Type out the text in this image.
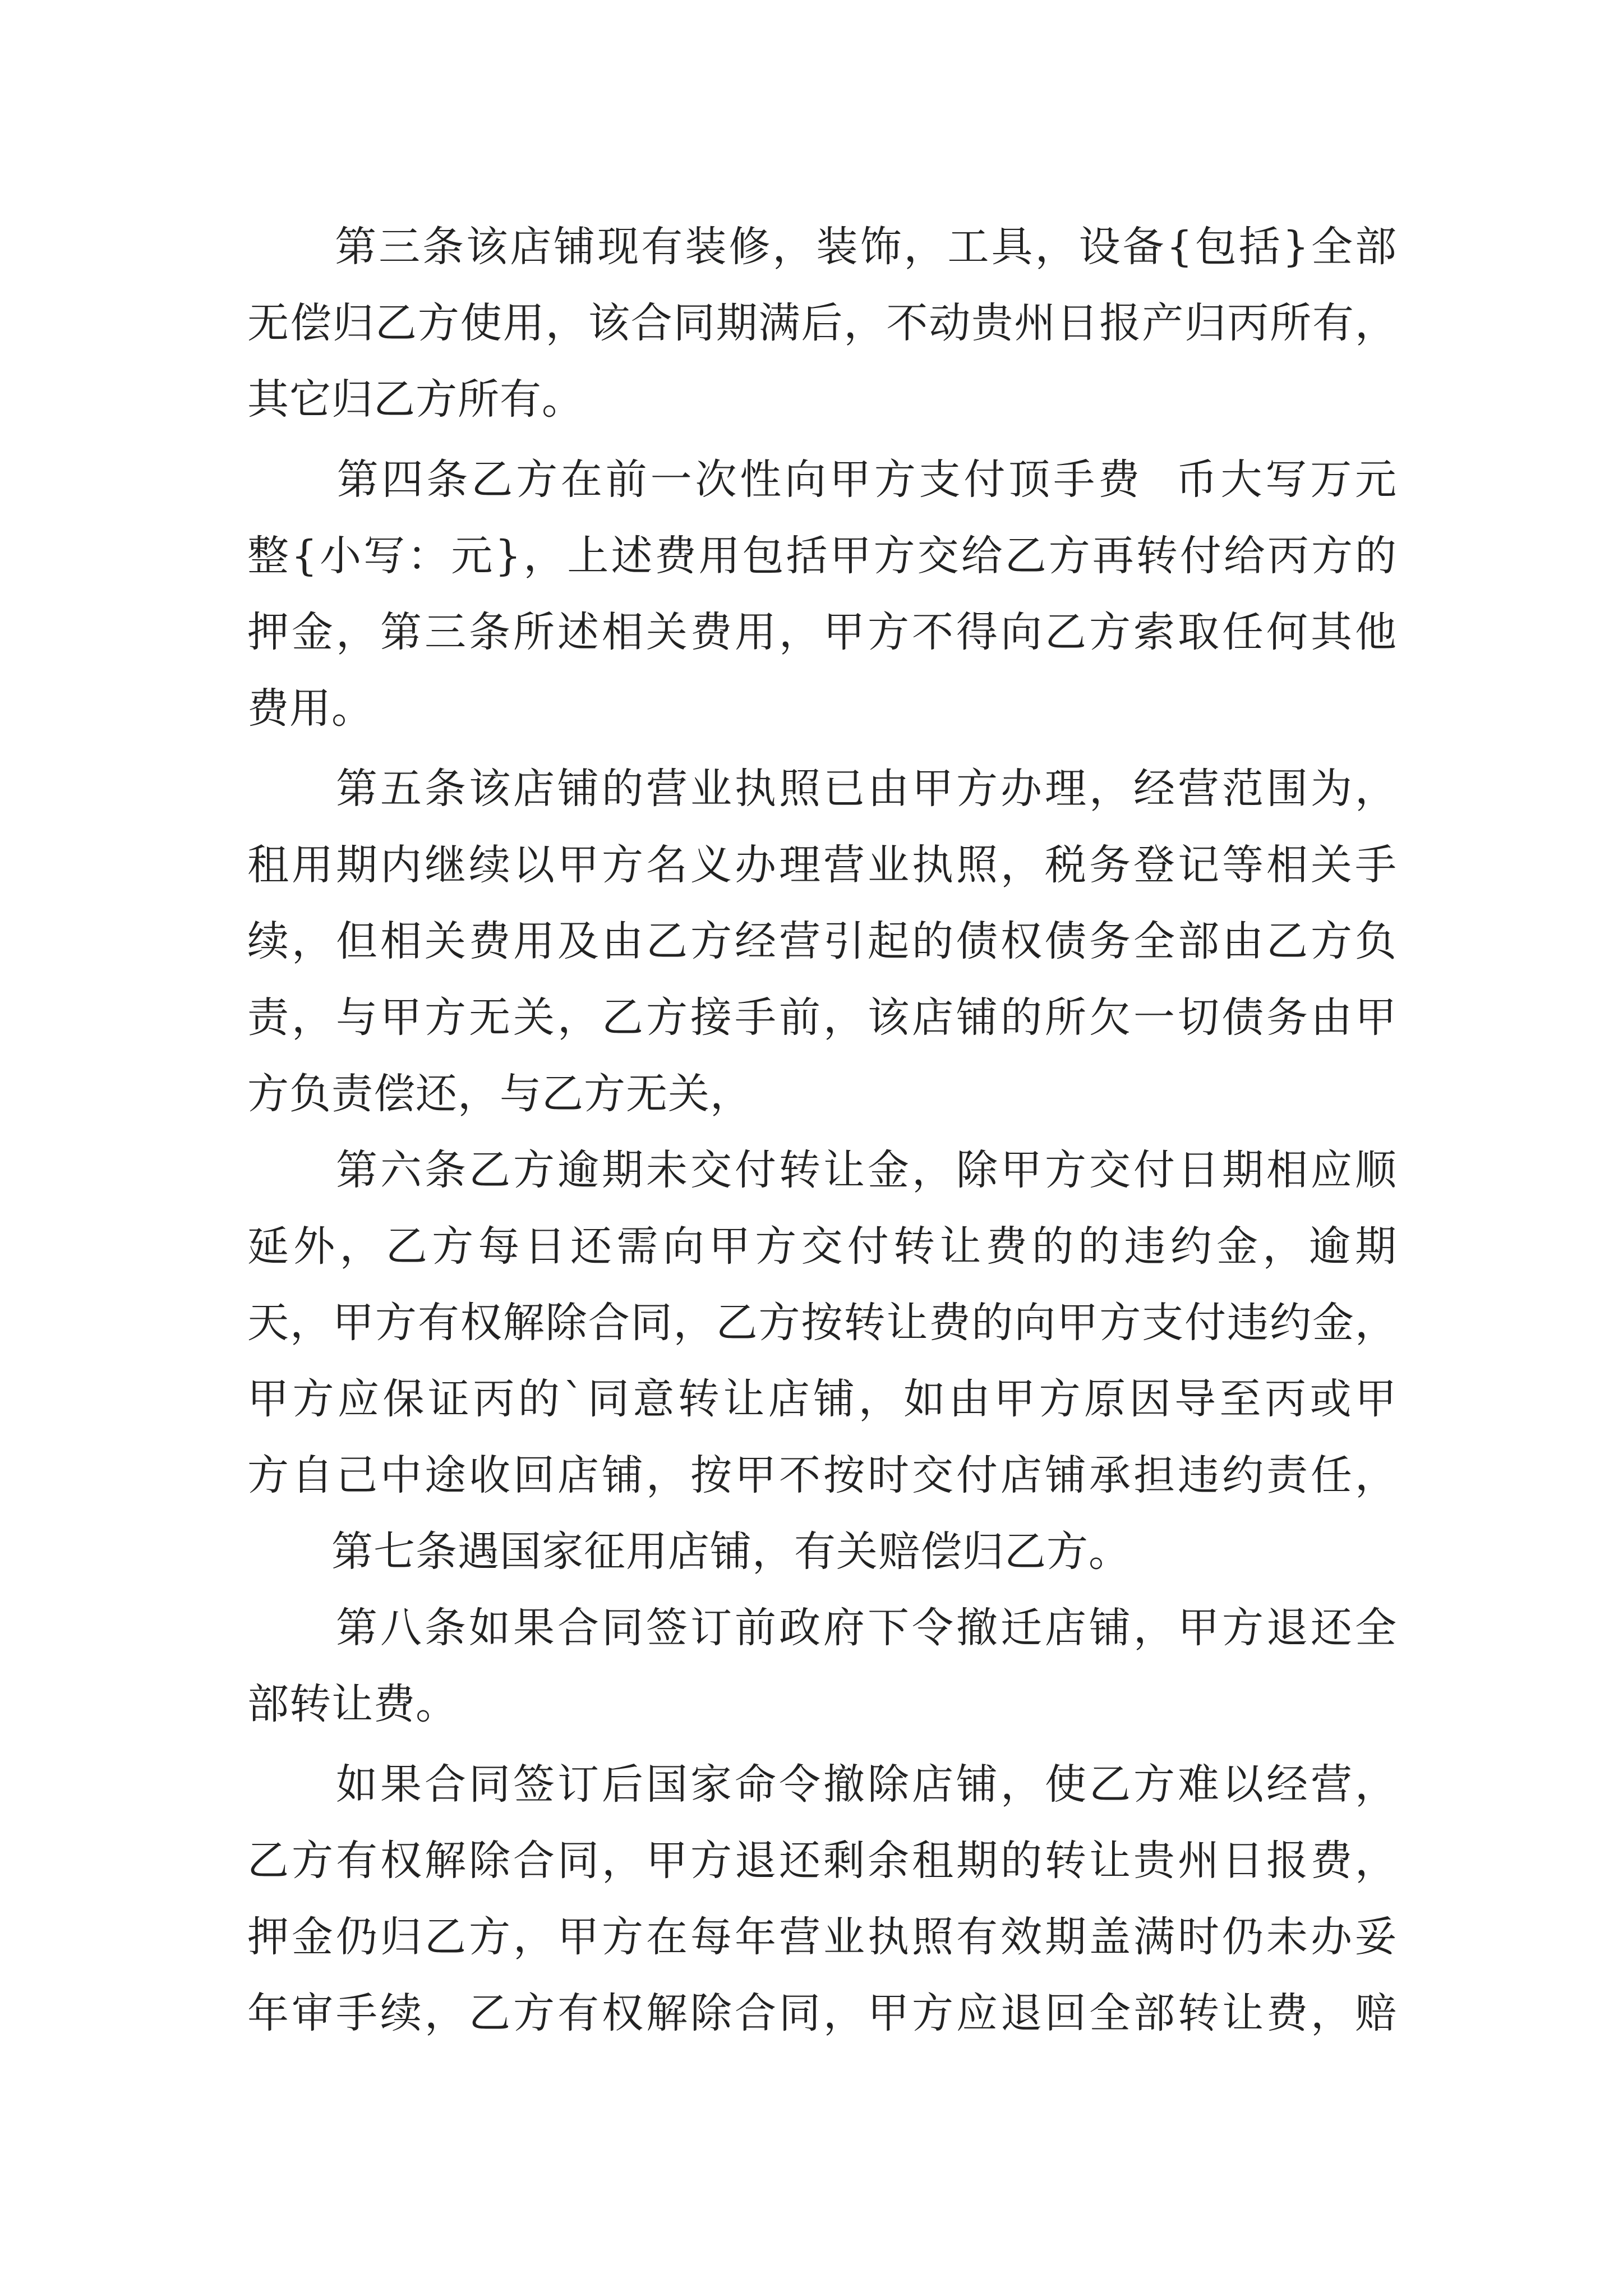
　　第三条该店铺现有装修，装饰，工具，设备{包括}全部
无偿归乙方使用，该合同期满后，不动贵州日报产归丙所有，
其它归乙方所有。
　　第四条乙方在前一次性向甲方支付顶手费  币大写万元
整{小写：元}，上述费用包括甲方交给乙方再转付给丙方的
押金，第三条所述相关费用，甲方不得向乙方索取任何其他
费用。
　　第五条该店铺的营业执照已由甲方办理，经营范围为，
租用期内继续以甲方名义办理营业执照，税务登记等相关手
续，但相关费用及由乙方经营引起的债权债务全部由乙方负
责，与甲方无关，乙方接手前，该店铺的所欠一切债务由甲
方负责偿还，与乙方无关，
　　第六条乙方逾期未交付转让金，除甲方交付日期相应顺
延外，乙方每日还需向甲方交付转让费的的违约金，逾期
天，甲方有权解除合同，乙方按转让费的向甲方支付违约金，
甲方应保证丙的`同意转让店铺，如由甲方原因导至丙或甲
方自己中途收回店铺，按甲不按时交付店铺承担违约责任，
　　第七条遇国家征用店铺，有关赔偿归乙方。
　　第八条如果合同签订前政府下令撤迁店铺，甲方退还全
部转让费。
　　如果合同签订后国家命令撤除店铺，使乙方难以经营，
乙方有权解除合同，甲方退还剩余租期的转让贵州日报费，
押金仍归乙方，甲方在每年营业执照有效期盖满时仍未办妥
年审手续，乙方有权解除合同，甲方应退回全部转让费，赔
